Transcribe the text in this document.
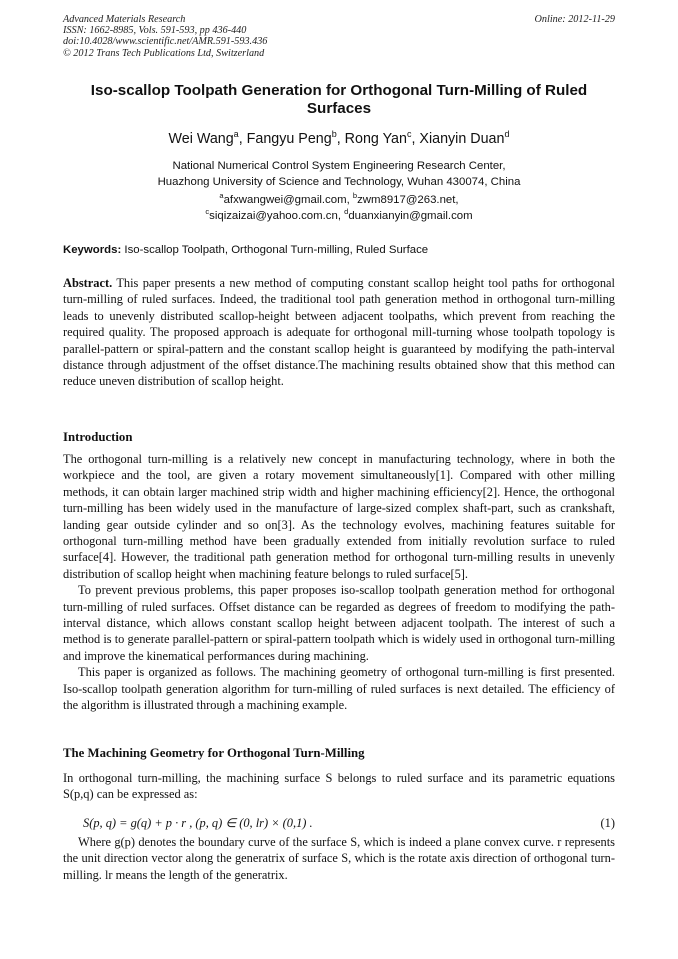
Advanced Materials Research
ISSN: 1662-8985, Vols. 591-593, pp 436-440
doi:10.4028/www.scientific.net/AMR.591-593.436
© 2012 Trans Tech Publications Ltd, Switzerland
Online: 2012-11-29
Iso-scallop Toolpath Generation for Orthogonal Turn-Milling of Ruled Surfaces
Wei Wang$^a$, Fangyu Peng$^b$, Rong Yan$^c$, Xianyin Duan$^d$
National Numerical Control System Engineering Research Center,
Huazhong University of Science and Technology, Wuhan 430074, China
$^a$afxwangwei@gmail.com, $^b$zwm8917@263.net,
$^c$siqizaizai@yahoo.com.cn, $^d$duanxianyin@gmail.com
Keywords: Iso-scallop Toolpath, Orthogonal Turn-milling, Ruled Surface

Abstract. This paper presents a new method of computing constant scallop height tool paths for orthogonal turn-milling of ruled surfaces. Indeed, the traditional tool path generation method in orthogonal turn-milling leads to unevenly distributed scallop-height between adjacent toolpaths, which prevent from reaching the required quality. The proposed approach is adequate for orthogonal mill-turning whose toolpath topology is parallel-pattern or spiral-pattern and the constant scallop height is guaranteed by modifying the path-interval distance through adjustment of the offset distance.The machining results obtained show that this method can reduce uneven distribution of scallop height.

Introduction

The orthogonal turn-milling is a relatively new concept in manufacturing technology, where in both the workpiece and the tool, are given a rotary movement simultaneously[1]. Compared with other milling methods, it can obtain larger machined strip width and higher machining efficiency[2]. Hence, the orthogonal turn-milling has been widely used in the manufacture of large-sized complex shaft-part, such as crankshaft, landing gear outside cylinder and so on[3]. As the technology evolves, machining features suitable for orthogonal turn-milling method have been gradually extended from initially revolution surface to ruled surface[4]. However, the traditional path generation method for orthogonal turn-milling results in unevenly distribution of scallop height when machining feature belongs to ruled surface[5].

To prevent previous problems, this paper proposes iso-scallop toolpath generation method for orthogonal turn-milling of ruled surfaces. Offset distance can be regarded as degrees of freedom to modifying the path-interval distance, which allows constant scallop height between adjacent toolpath. The interest of such a method is to generate parallel-pattern or spiral-pattern toolpath which is widely used in orthogonal turn-milling and improve the kinematical performances during machining.

This paper is organized as follows. The machining geometry of orthogonal turn-milling is first presented. Iso-scallop toolpath generation algorithm for turn-milling of ruled surfaces is next detailed. The efficiency of the algorithm is illustrated through a machining example.

The Machining Geometry for Orthogonal Turn-Milling

In orthogonal turn-milling, the machining surface S belongs to ruled surface and its parametric equations S(p,q) can be expressed as:

S(p, q) = g(q) + p · r , (p, q) ∈ (0, lr) × (0,1) .	(1)

Where g(p) denotes the boundary curve of the surface S, which is indeed a plane convex curve. r represents the unit direction vector along the generatrix of surface S, which is the rotate axis direction of orthogonal turn-milling. lr means the length of the generatrix.
